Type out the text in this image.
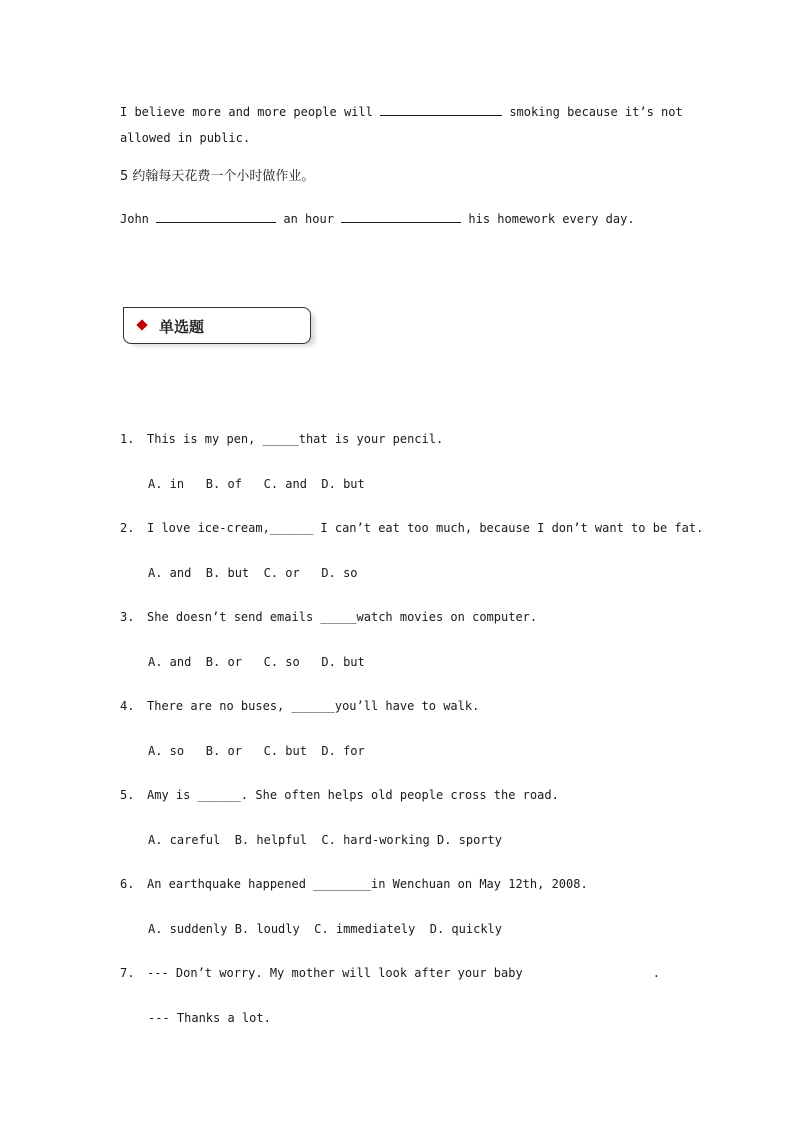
I believe more and more people will	smoking because it’s not
allowed in public.
5 约翰每天花费一个小时做作业。
John	an hour	his homework every day.
单选题
1. This is my pen, _____that is your pencil.
A. in   B. of   C. and  D. but
2. I love ice-cream,______ I can’t eat too much, because I don’t want to be fat.
A. and  B. but  C. or   D. so
3. She doesn’t send emails _____watch movies on computer.
A. and  B. or   C. so   D. but
4. There are no buses, ______you’ll have to walk.
A. so   B. or   C. but  D. for
5. Amy is ______. She often helps old people cross the road.
A. careful  B. helpful  C. hard-working D. sporty
6. An earthquake happened ________in Wenchuan on May 12th, 2008.
A. suddenly B. loudly  C. immediately  D. quickly
7. --- Don’t worry. My mother will look after your baby                  .
--- Thanks a lot.
